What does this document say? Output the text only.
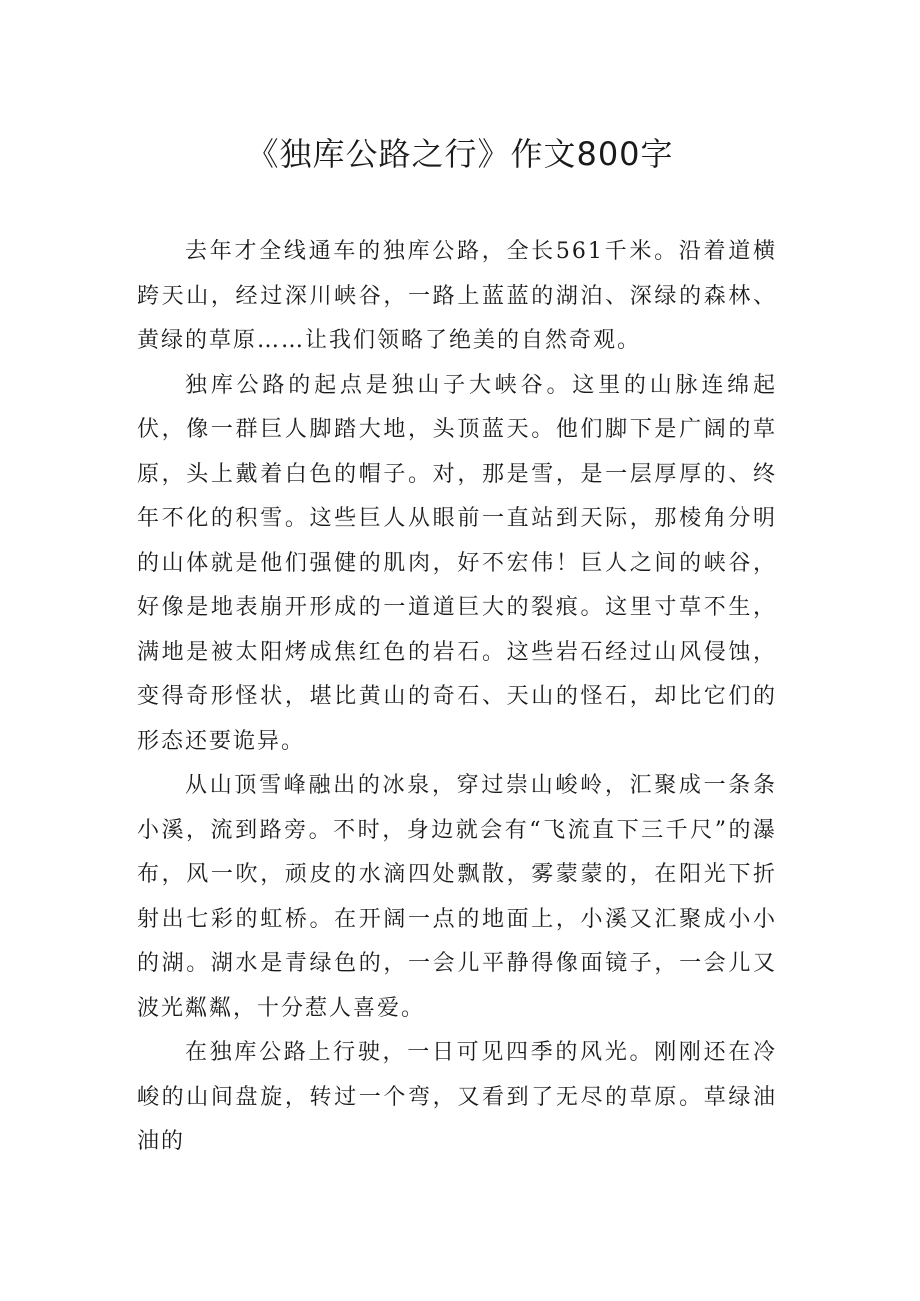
《独库公路之行》作文800字

去年才全线通车的独库公路，全长561千米。沿着道横跨天山，经过深川峡谷，一路上蓝蓝的湖泊、深绿的森林、黄绿的草原……让我们领略了绝美的自然奇观。

独库公路的起点是独山子大峡谷。这里的山脉连绵起伏，像一群巨人脚踏大地，头顶蓝天。他们脚下是广阔的草原，头上戴着白色的帽子。对，那是雪，是一层厚厚的、终年不化的积雪。这些巨人从眼前一直站到天际，那棱角分明的山体就是他们强健的肌肉，好不宏伟！巨人之间的峡谷，好像是地表崩开形成的一道道巨大的裂痕。这里寸草不生，满地是被太阳烤成焦红色的岩石。这些岩石经过山风侵蚀，变得奇形怪状，堪比黄山的奇石、天山的怪石，却比它们的形态还要诡异。

从山顶雪峰融出的冰泉，穿过崇山峻岭，汇聚成一条条小溪，流到路旁。不时，身边就会有“飞流直下三千尺”的瀑布，风一吹，顽皮的水滴四处飘散，雾蒙蒙的，在阳光下折射出七彩的虹桥。在开阔一点的地面上，小溪又汇聚成小小的湖。湖水是青绿色的，一会儿平静得像面镜子，一会儿又波光粼粼，十分惹人喜爱。

在独库公路上行驶，一日可见四季的风光。刚刚还在冷峻的山间盘旋，转过一个弯，又看到了无尽的草原。草绿油油的
